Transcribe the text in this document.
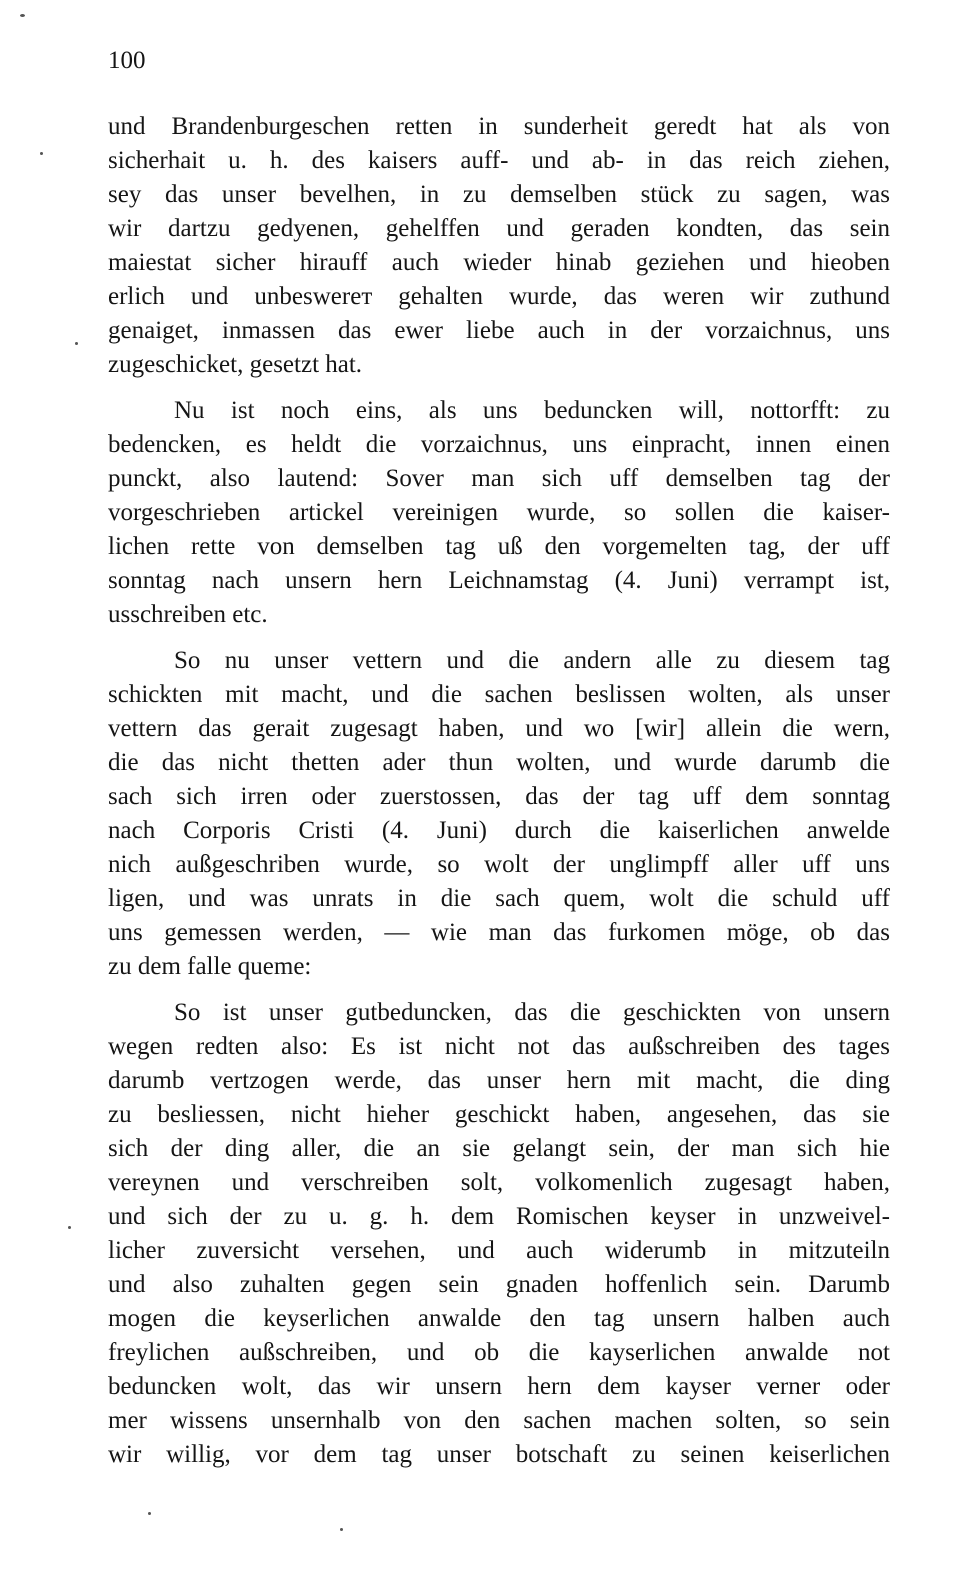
100
und Brandenburgeschen retten in sunderheit geredt hat als von
sicherhait u. h. des kaisers auff- und ab- in das reich ziehen,
sey das unser bevelhen, in zu demselben stück zu sagen, was
wir dartzu gedyenen, gehelffen und geraden kondten, das sein
maiestat sicher hirauff auch wieder hinab geziehen und hieoben
erlich und unbeswerет gehalten wurde, das weren wir zuthund
genaiget, inmassen das ewer liebe auch in der vorzaichnus, uns
zugeschicket, gesetzt hat.
Nu ist noch eins, als uns beduncken will, nottorfft: zu
bedencken, es heldt die vorzaichnus, uns einpracht, innen einen
punckt, also lautend: Sover man sich uff demselben tag der
vorgeschrieben artickel vereinigen wurde, so sollen die kaiser-
lichen rette von demselben tag uß den vorgemelten tag, der uff
sonntag nach unsern hern Leichnamstag (4. Juni) verrampt ist,
usschreiben etc.
So nu unser vettern und die andern alle zu diesem tag
schickten mit macht, und die sachen beslissen wolten, als unser
vettern das gerait zugesagt haben, und wo [wir] allein die wern,
die das nicht thetten ader thun wolten, und wurde darumb die
sach sich irren oder zuerstossen, das der tag uff dem sonntag
nach Corporis Cristi (4. Juni) durch die kaiserlichen anwelde
nich außgeschriben wurde, so wolt der unglimpff aller uff uns
ligen, und was unrats in die sach quem, wolt die schuld uff
uns gemessen werden, — wie man das furkomen möge, ob das
zu dem falle queme:
So ist unser gutbeduncken, das die geschickten von unsern
wegen redten also: Es ist nicht not das außschreiben des tages
darumb vertzogen werde, das unser hern mit macht, die ding
zu besliessen, nicht hieher geschickt haben, angesehen, das sie
sich der ding aller, die an sie gelangt sein, der man sich hie
vereynen und verschreiben solt, volkomenlich zugesagt haben,
und sich der zu u. g. h. dem Romischen keyser in unzweivel-
licher zuversicht versehen, und auch widerumb in mitzuteiln
und also zuhalten gegen sein gnaden hoffenlich sein. Darumb
mogen die keyserlichen anwalde den tag unsern halben auch
freylichen außschreiben, und ob die kayserlichen anwalde not
beduncken wolt, das wir unsern hern dem kayser verner oder
mer wissens unsernhalb von den sachen machen solten, so sein
wir willig, vor dem tag unser botschaft zu seinen keiserlichen
